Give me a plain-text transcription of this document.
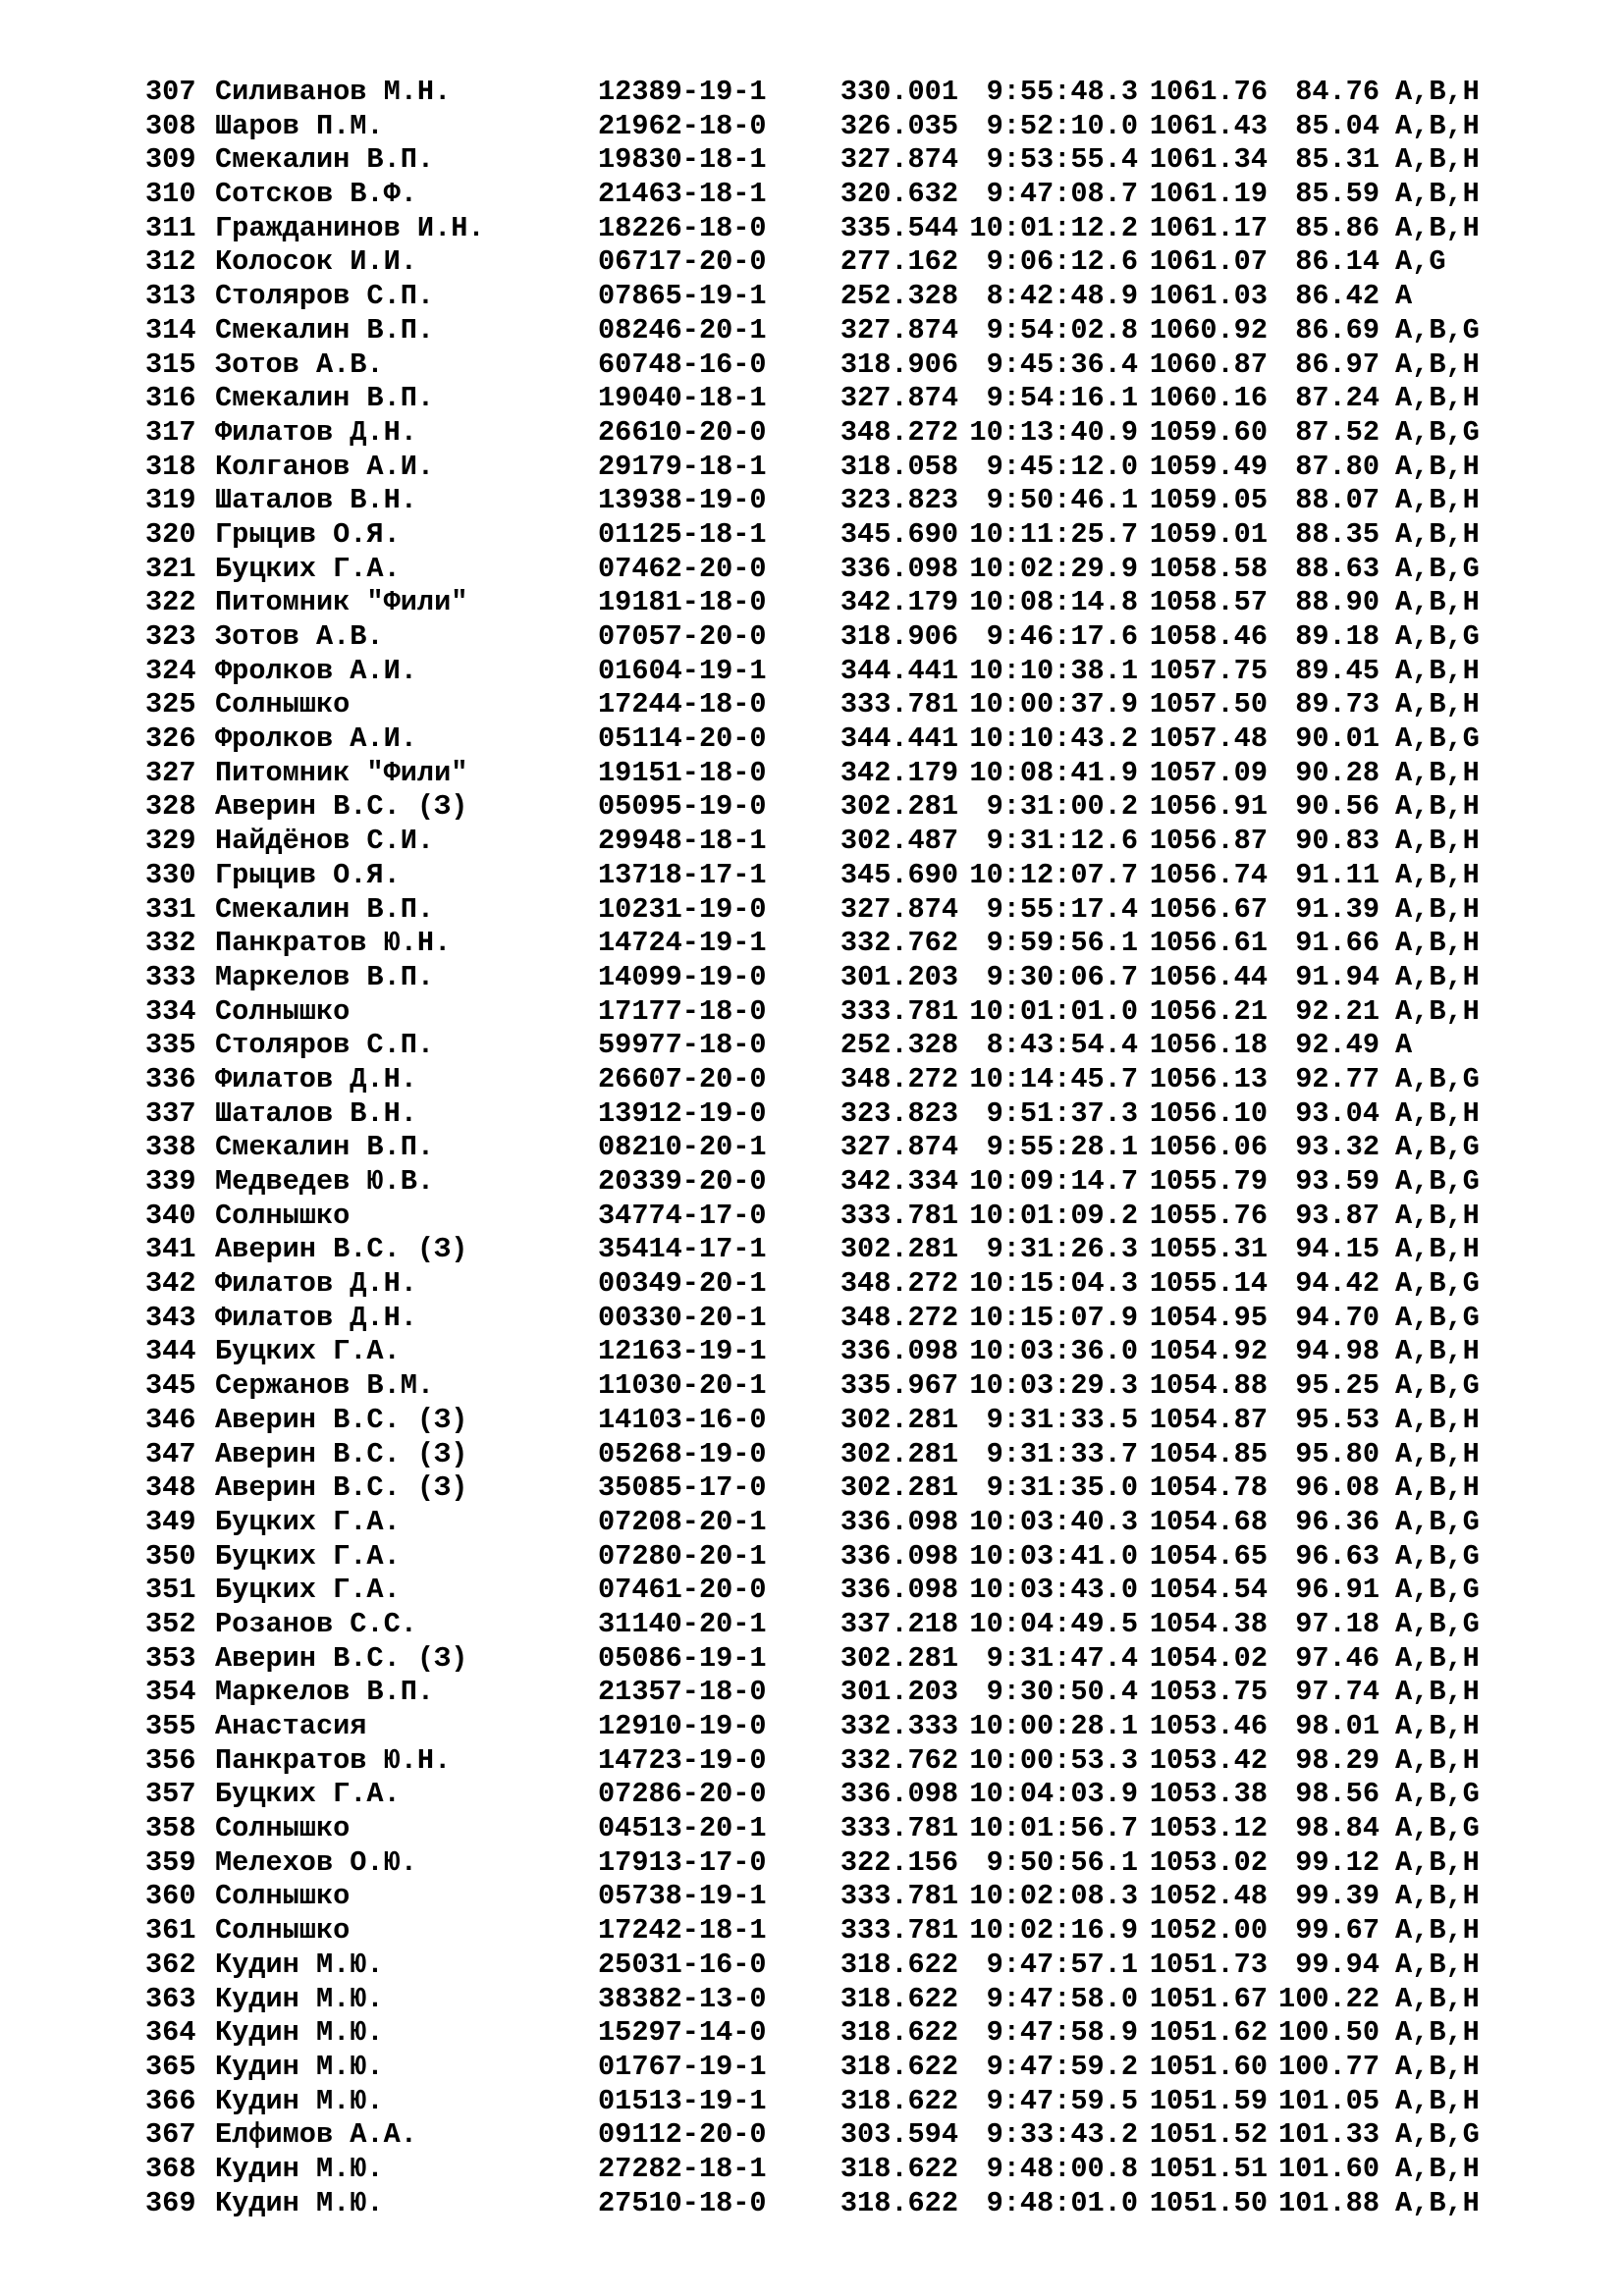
307 Силиванов М.Н.	12389-19-1	330.001 9:55:48.3 1061.76 84.76 A,B,H
308 Шаров П.М.	21962-18-0	326.035 9:52:10.0 1061.43 85.04 A,B,H
309 Смекалин В.П.	19830-18-1	327.874 9:53:55.4 1061.34 85.31 A,B,H
310 Сотсков В.Ф.	21463-18-1	320.632 9:47:08.7 1061.19 85.59 A,B,H
311 Гражданинов И.Н.	18226-18-0	335.544 10:01:12.2 1061.17 85.86 A,B,H
312 Колосок И.И.	06717-20-0	277.162 9:06:12.6 1061.07 86.14 A,G
313 Столяров С.П.	07865-19-1	252.328 8:42:48.9 1061.03 86.42 A
314 Смекалин В.П.	08246-20-1	327.874 9:54:02.8 1060.92 86.69 A,B,G
315 Зотов А.В.	60748-16-0	318.906 9:45:36.4 1060.87 86.97 A,B,H
316 Смекалин В.П.	19040-18-1	327.874 9:54:16.1 1060.16 87.24 A,B,H
317 Филатов Д.Н.	26610-20-0	348.272 10:13:40.9 1059.60 87.52 A,B,G
318 Колганов А.И.	29179-18-1	318.058 9:45:12.0 1059.49 87.80 A,B,H
319 Шаталов В.Н.	13938-19-0	323.823 9:50:46.1 1059.05 88.07 A,B,H
320 Грыцив О.Я.	01125-18-1	345.690 10:11:25.7 1059.01 88.35 A,B,H
321 Буцких Г.А.	07462-20-0	336.098 10:02:29.9 1058.58 88.63 A,B,G
322 Питомник "Фили"	19181-18-0	342.179 10:08:14.8 1058.57 88.90 A,B,H
323 Зотов А.В.	07057-20-0	318.906 9:46:17.6 1058.46 89.18 A,B,G
324 Фролков А.И.	01604-19-1	344.441 10:10:38.1 1057.75 89.45 A,B,H
325 Солнышко	17244-18-0	333.781 10:00:37.9 1057.50 89.73 A,B,H
326 Фролков А.И.	05114-20-0	344.441 10:10:43.2 1057.48 90.01 A,B,G
327 Питомник "Фили"	19151-18-0	342.179 10:08:41.9 1057.09 90.28 A,B,H
328 Аверин В.С. (З)	05095-19-0	302.281 9:31:00.2 1056.91 90.56 A,B,H
329 Найдёнов С.И.	29948-18-1	302.487 9:31:12.6 1056.87 90.83 A,B,H
330 Грыцив О.Я.	13718-17-1	345.690 10:12:07.7 1056.74 91.11 A,B,H
331 Смекалин В.П.	10231-19-0	327.874 9:55:17.4 1056.67 91.39 A,B,H
332 Панкратов Ю.Н.	14724-19-1	332.762 9:59:56.1 1056.61 91.66 A,B,H
333 Маркелов В.П.	14099-19-0	301.203 9:30:06.7 1056.44 91.94 A,B,H
334 Солнышко	17177-18-0	333.781 10:01:01.0 1056.21 92.21 A,B,H
335 Столяров С.П.	59977-18-0	252.328 8:43:54.4 1056.18 92.49 A
336 Филатов Д.Н.	26607-20-0	348.272 10:14:45.7 1056.13 92.77 A,B,G
337 Шаталов В.Н.	13912-19-0	323.823 9:51:37.3 1056.10 93.04 A,B,H
338 Смекалин В.П.	08210-20-1	327.874 9:55:28.1 1056.06 93.32 A,B,G
339 Медведев Ю.В.	20339-20-0	342.334 10:09:14.7 1055.79 93.59 A,B,G
340 Солнышко	34774-17-0	333.781 10:01:09.2 1055.76 93.87 A,B,H
341 Аверин В.С. (З)	35414-17-1	302.281 9:31:26.3 1055.31 94.15 A,B,H
342 Филатов Д.Н.	00349-20-1	348.272 10:15:04.3 1055.14 94.42 A,B,G
343 Филатов Д.Н.	00330-20-1	348.272 10:15:07.9 1054.95 94.70 A,B,G
344 Буцких Г.А.	12163-19-1	336.098 10:03:36.0 1054.92 94.98 A,B,H
345 Сержанов В.М.	11030-20-1	335.967 10:03:29.3 1054.88 95.25 A,B,G
346 Аверин В.С. (З)	14103-16-0	302.281 9:31:33.5 1054.87 95.53 A,B,H
347 Аверин В.С. (З)	05268-19-0	302.281 9:31:33.7 1054.85 95.80 A,B,H
348 Аверин В.С. (З)	35085-17-0	302.281 9:31:35.0 1054.78 96.08 A,B,H
349 Буцких Г.А.	07208-20-1	336.098 10:03:40.3 1054.68 96.36 A,B,G
350 Буцких Г.А.	07280-20-1	336.098 10:03:41.0 1054.65 96.63 A,B,G
351 Буцких Г.А.	07461-20-0	336.098 10:03:43.0 1054.54 96.91 A,B,G
352 Розанов С.С.	31140-20-1	337.218 10:04:49.5 1054.38 97.18 A,B,G
353 Аверин В.С. (З)	05086-19-1	302.281 9:31:47.4 1054.02 97.46 A,B,H
354 Маркелов В.П.	21357-18-0	301.203 9:30:50.4 1053.75 97.74 A,B,H
355 Анастасия	12910-19-0	332.333 10:00:28.1 1053.46 98.01 A,B,H
356 Панкратов Ю.Н.	14723-19-0	332.762 10:00:53.3 1053.42 98.29 A,B,H
357 Буцких Г.А.	07286-20-0	336.098 10:04:03.9 1053.38 98.56 A,B,G
358 Солнышко	04513-20-1	333.781 10:01:56.7 1053.12 98.84 A,B,G
359 Мелехов О.Ю.	17913-17-0	322.156 9:50:56.1 1053.02 99.12 A,B,H
360 Солнышко	05738-19-1	333.781 10:02:08.3 1052.48 99.39 A,B,H
361 Солнышко	17242-18-1	333.781 10:02:16.9 1052.00 99.67 A,B,H
362 Кудин М.Ю.	25031-16-0	318.622 9:47:57.1 1051.73 99.94 A,B,H
363 Кудин М.Ю.	38382-13-0	318.622 9:47:58.0 1051.67 100.22 A,B,H
364 Кудин М.Ю.	15297-14-0	318.622 9:47:58.9 1051.62 100.50 A,B,H
365 Кудин М.Ю.	01767-19-1	318.622 9:47:59.2 1051.60 100.77 A,B,H
366 Кудин М.Ю.	01513-19-1	318.622 9:47:59.5 1051.59 101.05 A,B,H
367 Елфимов А.А.	09112-20-0	303.594 9:33:43.2 1051.52 101.33 A,B,G
368 Кудин М.Ю.	27282-18-1	318.622 9:48:00.8 1051.51 101.60 A,B,H
369 Кудин М.Ю.	27510-18-0	318.622 9:48:01.0 1051.50 101.88 A,B,H
